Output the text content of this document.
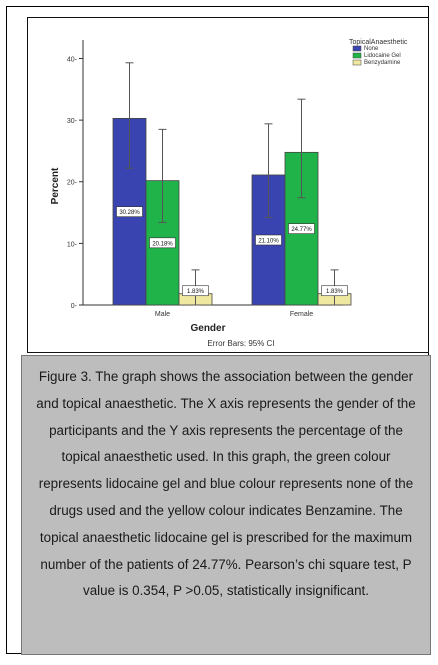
Percent
Gender
Error Bars: 95% CI
TopicalAnaesthetic
0-
10-
20-
30-
40-
30.28%
20.18%
1.83%
Male
21.10%
24.77%
1.83%
Female
None
Lidocaine Gel
Benzydamine

Figure 3. The graph shows the association between the gender and topical anaesthetic. The X axis represents the gender of the participants and the Y axis represents the percentage of the topical anaesthetic used. In this graph, the green colour represents lidocaine gel and blue colour represents none of the drugs used and the yellow colour indicates Benzamine. The topical anaesthetic lidocaine gel is prescribed for the maximum number of the patients of 24.77%. Pearson’s chi square test, P value is 0.354, P >0.05, statistically insignificant.
